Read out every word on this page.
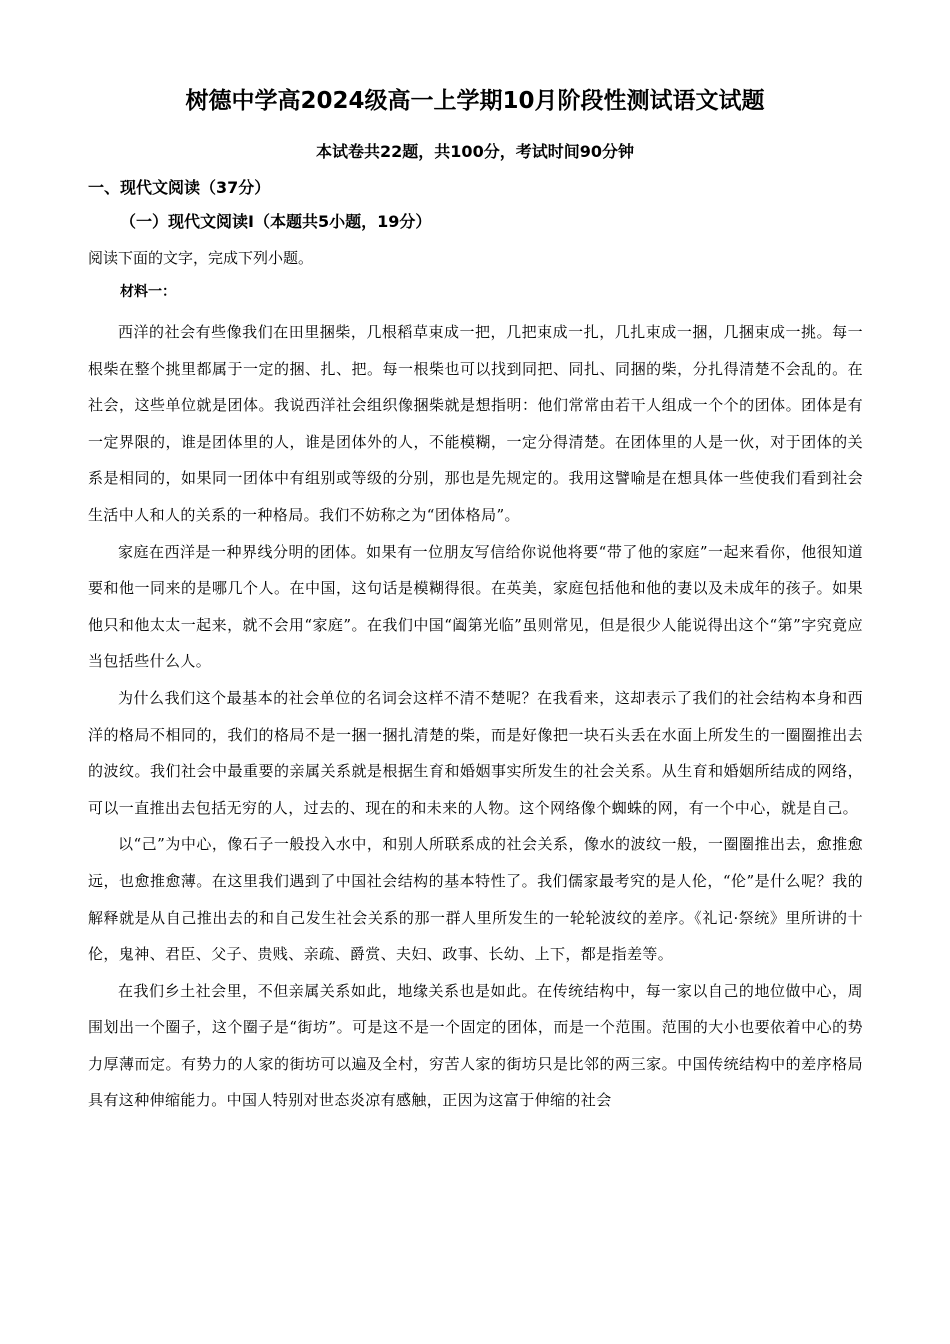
树德中学高2024级高一上学期10月阶段性测试语文试题
本试卷共22题，共100分，考试时间90分钟
一、现代文阅读（37分）
（一）现代文阅读Ⅰ（本题共5小题，19分）
阅读下面的文字，完成下列小题。
材料一：

西洋的社会有些像我们在田里捆柴，几根稻草束成一把，几把束成一扎，几扎束成一捆，几捆束成一挑。每一根柴在整个挑里都属于一定的捆、扎、把。每一根柴也可以找到同把、同扎、同捆的柴，分扎得清楚不会乱的。在社会，这些单位就是团体。我说西洋社会组织像捆柴就是想指明：他们常常由若干人组成一个个的团体。团体是有一定界限的，谁是团体里的人，谁是团体外的人，不能模糊，一定分得清楚。在团体里的人是一伙，对于团体的关系是相同的，如果同一团体中有组别或等级的分别，那也是先规定的。我用这譬喻是在想具体一些使我们看到社会生活中人和人的关系的一种格局。我们不妨称之为“团体格局”。

家庭在西洋是一种界线分明的团体。如果有一位朋友写信给你说他将要“带了他的家庭”一起来看你，他很知道要和他一同来的是哪几个人。在中国，这句话是模糊得很。在英美，家庭包括他和他的妻以及未成年的孩子。如果他只和他太太一起来，就不会用“家庭”。在我们中国“阖第光临”虽则常见，但是很少人能说得出这个“第”字究竟应当包括些什么人。

为什么我们这个最基本的社会单位的名词会这样不清不楚呢？在我看来，这却表示了我们的社会结构本身和西洋的格局不相同的，我们的格局不是一捆一捆扎清楚的柴，而是好像把一块石头丢在水面上所发生的一圈圈推出去的波纹。我们社会中最重要的亲属关系就是根据生育和婚姻事实所发生的社会关系。从生育和婚姻所结成的网络，可以一直推出去包括无穷的人，过去的、现在的和未来的人物。这个网络像个蜘蛛的网，有一个中心，就是自己。

以“己”为中心，像石子一般投入水中，和别人所联系成的社会关系，像水的波纹一般，一圈圈推出去，愈推愈远，也愈推愈薄。在这里我们遇到了中国社会结构的基本特性了。我们儒家最考究的是人伦，“伦”是什么呢？我的解释就是从自己推出去的和自己发生社会关系的那一群人里所发生的一轮轮波纹的差序。《礼记·祭统》里所讲的十伦，鬼神、君臣、父子、贵贱、亲疏、爵赏、夫妇、政事、长幼、上下，都是指差等。

在我们乡土社会里，不但亲属关系如此，地缘关系也是如此。在传统结构中，每一家以自己的地位做中心，周围划出一个圈子，这个圈子是“街坊”。可是这不是一个固定的团体，而是一个范围。范围的大小也要依着中心的势力厚薄而定。有势力的人家的街坊可以遍及全村，穷苦人家的街坊只是比邻的两三家。中国传统结构中的差序格局具有这种伸缩能力。中国人特别对世态炎凉有感触，正因为这富于伸缩的社会
